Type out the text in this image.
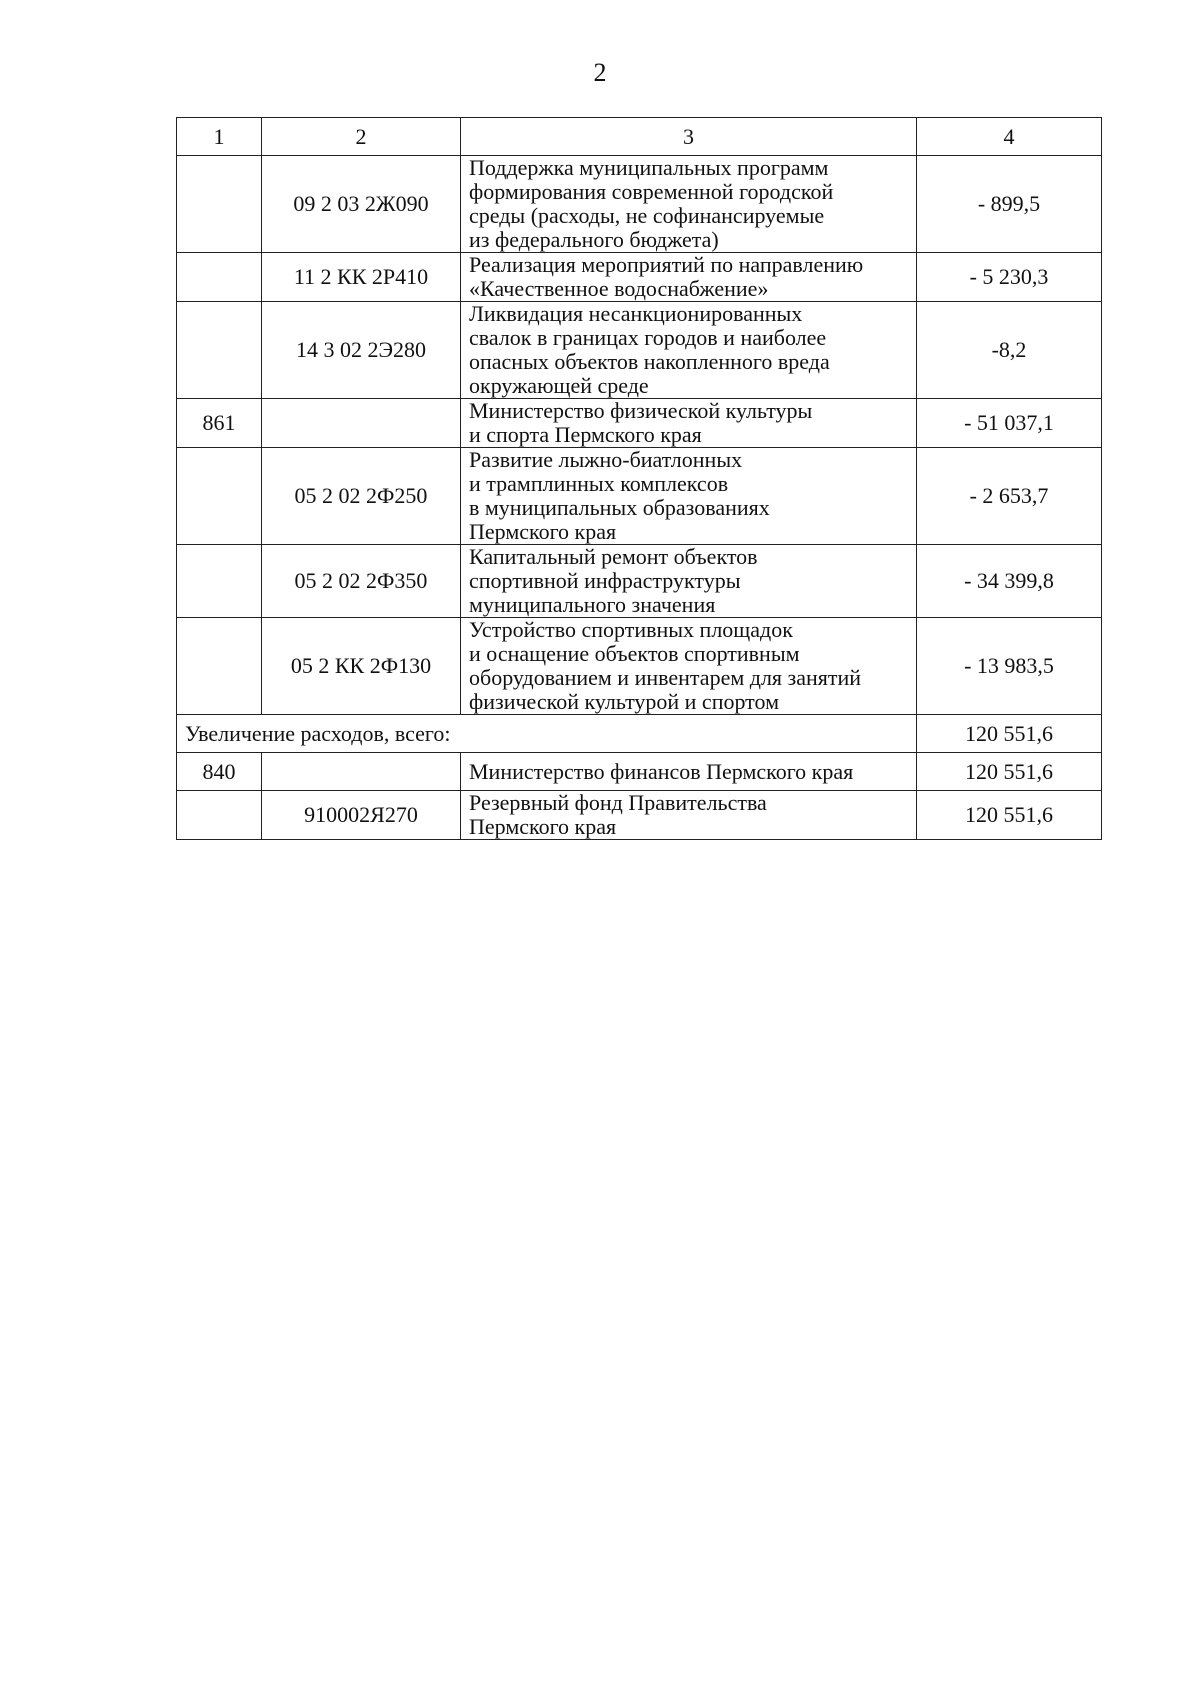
2
1	2	3	4
	09 2 03 2Ж090	Поддержка муниципальных программ
формирования современной городской
среды (расходы, не софинансируемые
из федерального бюджета)	- 899,5
	11 2 КК 2Р410	Реализация мероприятий по направлению
«Качественное водоснабжение»	- 5 230,3
	14 3 02 2Э280	Ликвидация несанкционированных
свалок в границах городов и наиболее
опасных объектов накопленного вреда
окружающей среде	-8,2
861		Министерство физической культуры
и спорта Пермского края	- 51 037,1
	05 2 02 2Ф250	Развитие лыжно-биатлонных
и трамплинных комплексов
в муниципальных образованиях
Пермского края	- 2 653,7
	05 2 02 2Ф350	Капитальный ремонт объектов
спортивной инфраструктуры
муниципального значения	- 34 399,8
	05 2 КК 2Ф130	Устройство спортивных площадок
и оснащение объектов спортивным
оборудованием и инвентарем для занятий
физической культурой и спортом	- 13 983,5
Увеличение расходов, всего:			120 551,6
840		Министерство финансов Пермского края	120 551,6
	910002Я270	Резервный фонд Правительства
Пермского края	120 551,6
